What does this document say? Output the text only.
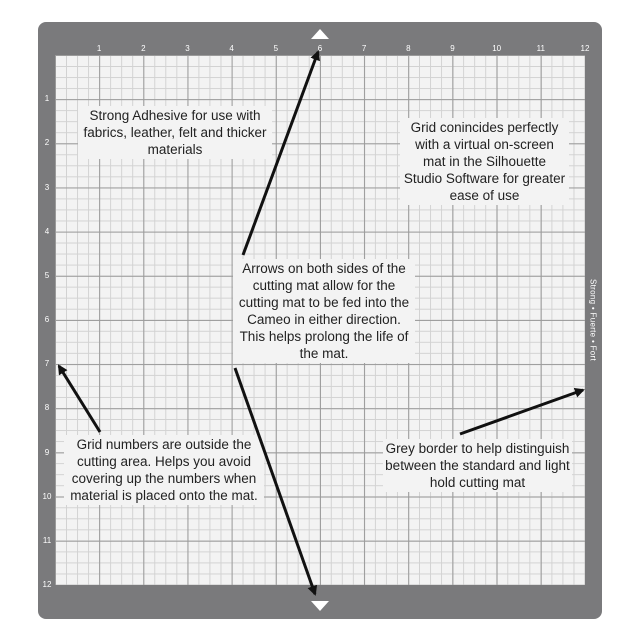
1	2	3	4	5	6	7	8	9	10	11	12
1
2
3
4
5
6
7
8
9
10
11
12
Strong • Fuerte • Fort
Strong Adhesive for use with fabrics, leather, felt and thicker materials
Grid conincides perfectly with a virtual on-screen mat in the Silhouette Studio Software for greater ease of use
Arrows on both sides of the cutting mat allow for the cutting mat to be fed into the Cameo in either direction. This helps prolong the life of the mat.
Grid numbers are outside the cutting area. Helps you avoid covering up the numbers when material is placed onto the mat.
Grey border to help distinguish between the standard and light hold cutting mat
